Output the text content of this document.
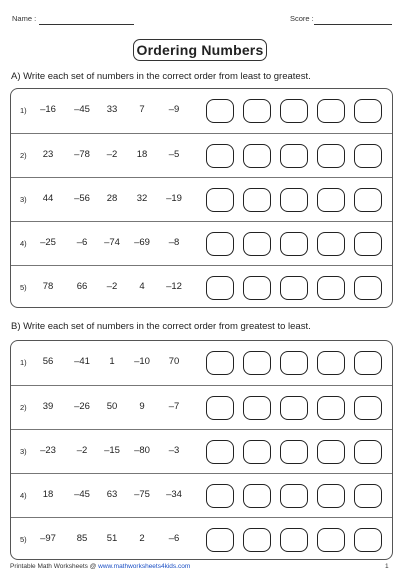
Name :	Score :
Ordering Numbers
A) Write each set of numbers in the correct order from least to greatest.
1)	–16	–45	33	7	–9
2)	23	–78	–2	18	–5
3)	44	–56	28	32	–19
4)	–25	–6	–74	–69	–8
5)	78	66	–2	4	–12
B) Write each set of numbers in the correct order from greatest to least.
1)	56	–41	1	–10	70
2)	39	–26	50	9	–7
3)	–23	–2	–15	–80	–3
4)	18	–45	63	–75	–34
5)	–97	85	51	2	–6
Printable Math Worksheets @ www.mathworksheets4kids.com	1
